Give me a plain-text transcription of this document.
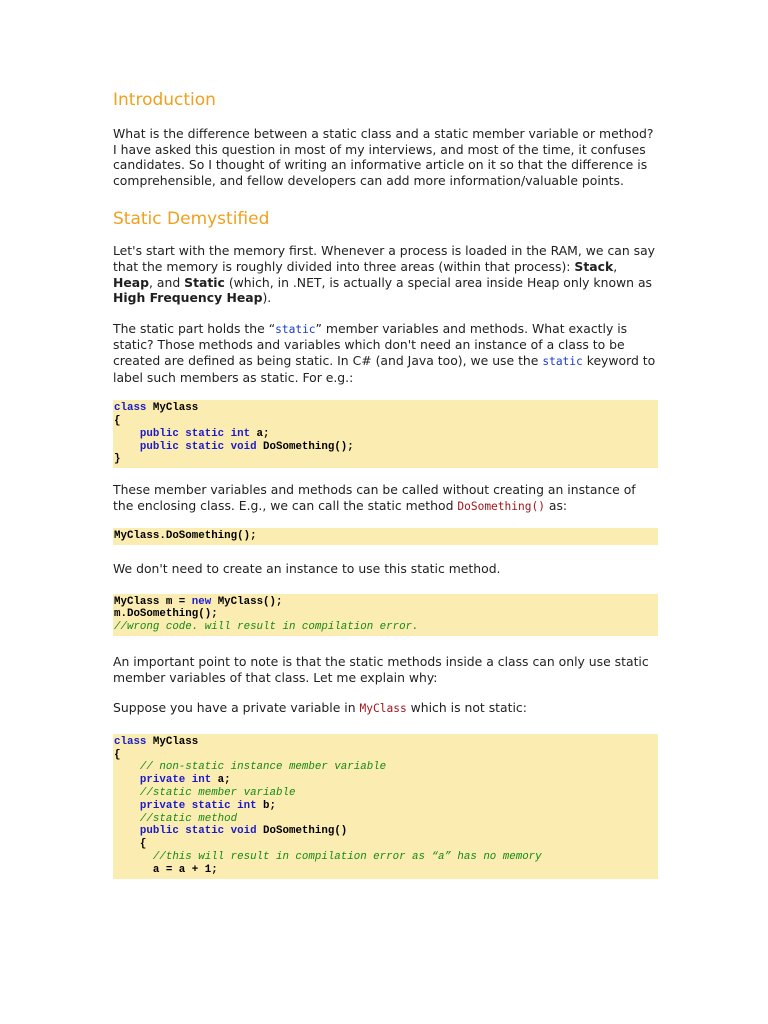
Introduction

What is the difference between a static class and a static member variable or method? I have asked this question in most of my interviews, and most of the time, it confuses candidates. So I thought of writing an informative article on it so that the difference is comprehensible, and fellow developers can add more information/valuable points.

Static Demystified

Let's start with the memory first. Whenever a process is loaded in the RAM, we can say that the memory is roughly divided into three areas (within that process): Stack, Heap, and Static (which, in .NET, is actually a special area inside Heap only known as High Frequency Heap).

The static part holds the “static” member variables and methods. What exactly is static? Those methods and variables which don't need an instance of a class to be created are defined as being static. In C# (and Java too), we use the static keyword to label such members as static. For e.g.:

class MyClass
{
public static int a;
public static void DoSomething();
}

These member variables and methods can be called without creating an instance of the enclosing class. E.g., we can call the static method DoSomething() as:

MyClass.DoSomething();

We don't need to create an instance to use this static method.

MyClass m = new MyClass();
m.DoSomething();
//wrong code. will result in compilation error.

An important point to note is that the static methods inside a class can only use static member variables of that class. Let me explain why:

Suppose you have a private variable in MyClass which is not static:

class MyClass
{
// non-static instance member variable
private int a;
//static member variable
private static int b;
//static method
public static void DoSomething()
{
//this will result in compilation error as “a” has no memory
a = a + 1;
